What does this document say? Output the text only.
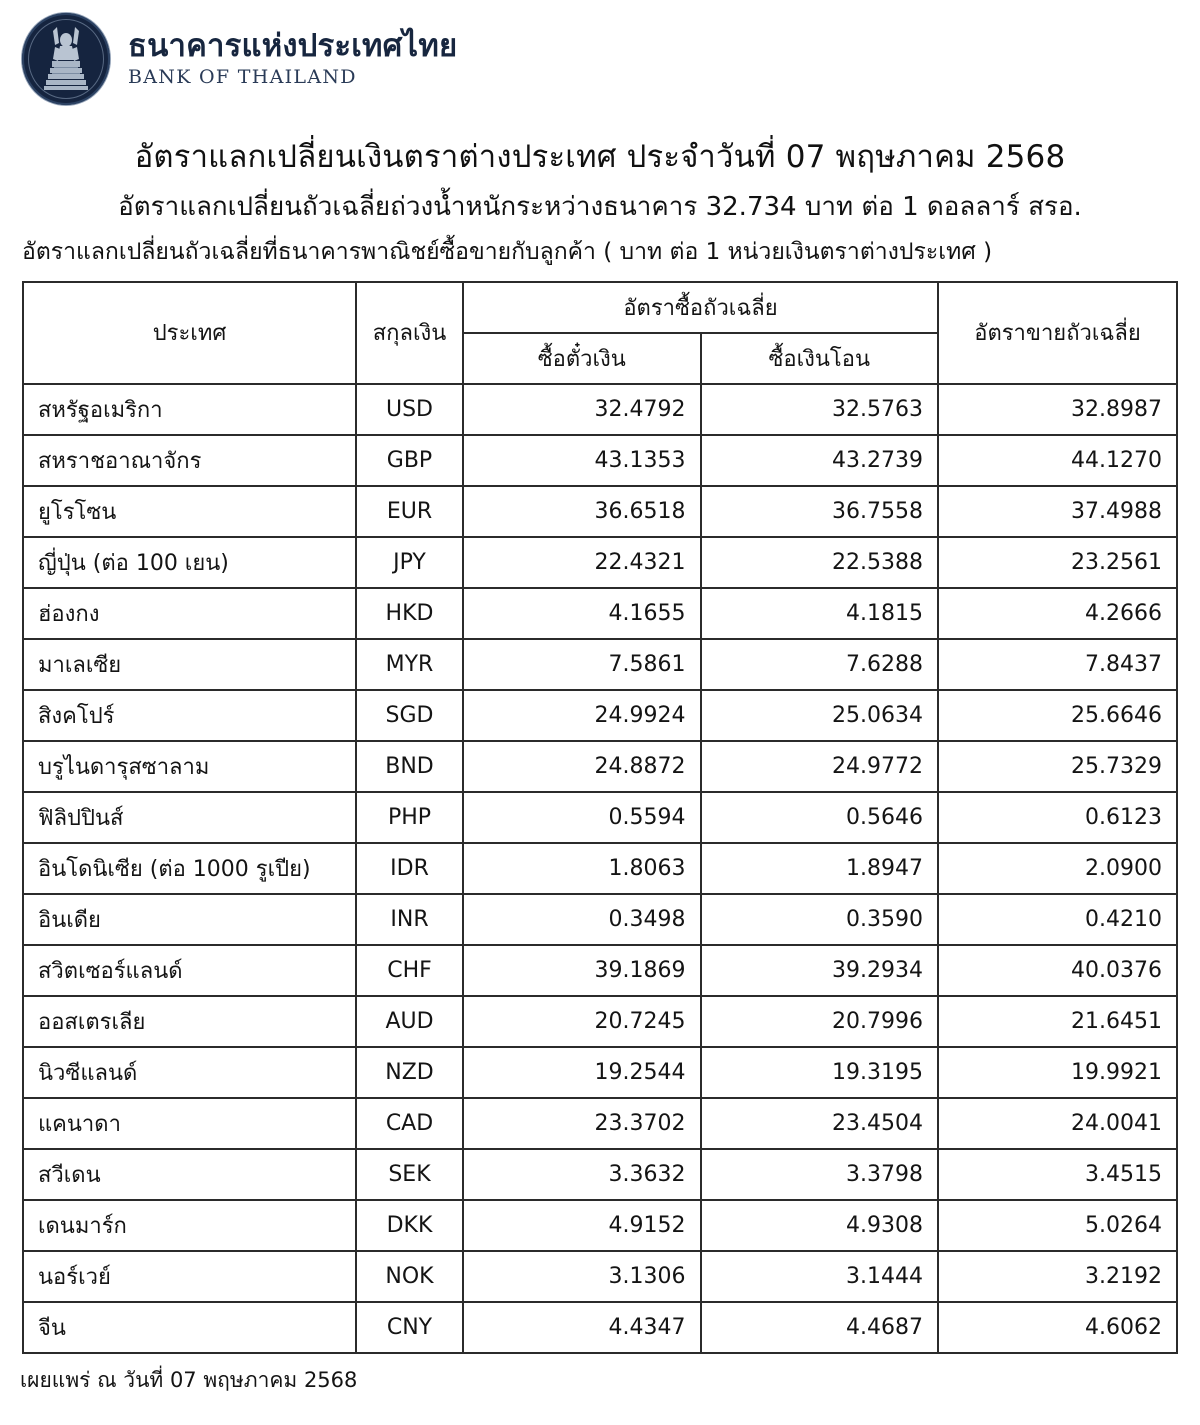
ธนาคารแห่งประเทศไทย
BANK OF THAILAND
อัตราแลกเปลี่ยนเงินตราต่างประเทศ ประจำวันที่ 07 พฤษภาคม 2568
อัตราแลกเปลี่ยนถัวเฉลี่ยถ่วงน้ำหนักระหว่างธนาคาร 32.734 บาท ต่อ 1 ดอลลาร์ สรอ.
อัตราแลกเปลี่ยนถัวเฉลี่ยที่ธนาคารพาณิชย์ซื้อขายกับลูกค้า ( บาท ต่อ 1 หน่วยเงินตราต่างประเทศ )
ประเทศ	สกุลเงิน	อัตราซื้อถัวเฉลี่ย		อัตราขายถัวเฉลี่ย
		ซื้อตั๋วเงิน	ซื้อเงินโอน	
สหรัฐอเมริกา	USD	32.4792	32.5763	32.8987
สหราชอาณาจักร	GBP	43.1353	43.2739	44.1270
ยูโรโซน	EUR	36.6518	36.7558	37.4988
ญี่ปุ่น (ต่อ 100 เยน)	JPY	22.4321	22.5388	23.2561
ฮ่องกง	HKD	4.1655	4.1815	4.2666
มาเลเซีย	MYR	7.5861	7.6288	7.8437
สิงคโปร์	SGD	24.9924	25.0634	25.6646
บรูไนดารุสซาลาม	BND	24.8872	24.9772	25.7329
ฟิลิปปินส์	PHP	0.5594	0.5646	0.6123
อินโดนิเซีย (ต่อ 1000 รูเปีย)	IDR	1.8063	1.8947	2.0900
อินเดีย	INR	0.3498	0.3590	0.4210
สวิตเซอร์แลนด์	CHF	39.1869	39.2934	40.0376
ออสเตรเลีย	AUD	20.7245	20.7996	21.6451
นิวซีแลนด์	NZD	19.2544	19.3195	19.9921
แคนาดา	CAD	23.3702	23.4504	24.0041
สวีเดน	SEK	3.3632	3.3798	3.4515
เดนมาร์ก	DKK	4.9152	4.9308	5.0264
นอร์เวย์	NOK	3.1306	3.1444	3.2192
จีน	CNY	4.4347	4.4687	4.6062
เผยแพร่ ณ วันที่ 07 พฤษภาคม 2568
